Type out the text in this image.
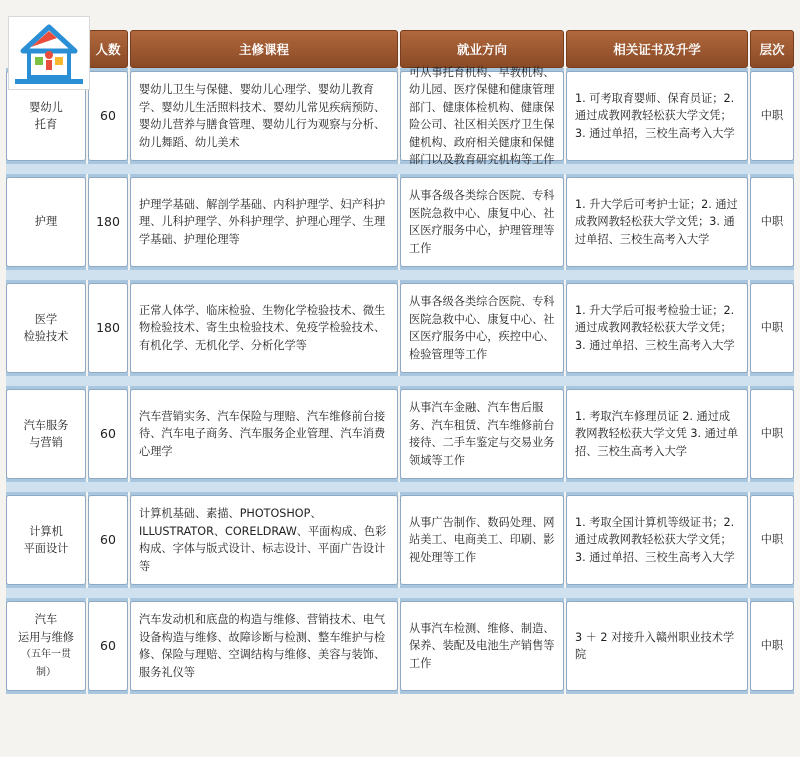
	人数	主修课程	就业方向	相关证书及升学	层次

婴幼儿
托育	60	婴幼儿卫生与保健、婴幼儿心理学、婴幼儿教育学、婴幼儿生活照料技术、婴幼儿常见疾病预防、婴幼儿营养与膳食管理、婴幼儿行为观察与分析、幼儿舞蹈、幼儿美术	可从事托育机构、早教机构、幼儿园、医疗保健和健康管理部门、健康体检机构、健康保险公司、社区相关医疗卫生保健机构、政府相关健康和保健部门以及教育研究机构等工作	1. 可考取育婴师、保育员证；2. 通过成教网教轻松获大学文凭；3. 通过单招，三校生高考入大学	中职

护理	180	护理学基础、解剖学基础、内科护理学、妇产科护理、儿科护理学、外科护理学、护理心理学、生理学基础、护理伦理等	从事各级各类综合医院、专科医院急救中心、康复中心、社区医疗服务中心，护理管理等工作	1. 升大学后可考护士证；2. 通过成教网教轻松获大学文凭；3. 通过单招、三校生高考入大学	中职

医学
检验技术	180	正常人体学、临床检验、生物化学检验技术、微生物检验技术、寄生虫检验技术、免疫学检验技术、有机化学、无机化学、分析化学等	从事各级各类综合医院、专科医院急救中心、康复中心、社区医疗服务中心，疾控中心、检验管理等工作	1. 升大学后可报考检验士证；2. 通过成教网教轻松获大学文凭；3. 通过单招、三校生高考入大学	中职

汽车服务
与营销	60	汽车营销实务、汽车保险与理赔、汽车维修前台接待、汽车电子商务、汽车服务企业管理、汽车消费心理学	从事汽车金融、汽车售后服务、汽车租赁、汽车维修前台接待、二手车鉴定与交易业务领域等工作	1. 考取汽车修理员证 2. 通过成教网教轻松获大学文凭 3. 通过单招、三校生高考入大学	中职

计算机
平面设计	60	计算机基础、素描、PHOTOSHOP、ILLUSTRATOR、CORELDRAW、平面构成、色彩构成、字体与版式设计、标志设计、平面广告设计等	从事广告制作、数码处理、网站美工、电商美工、印刷、影视处理等工作	1. 考取全国计算机等级证书；2. 通过成教网教轻松获大学文凭；3. 通过单招、三校生高考入大学	中职

汽车
运用与维修
（五年一贯制）	60	汽车发动机和底盘的构造与维修、营销技术、电气设备构造与维修、故障诊断与检测、整车维护与检修、保险与理赔、空调结构与维修、美容与装饰、服务礼仪等	从事汽车检测、维修、制造、保养、装配及电池生产销售等工作	3 ＋ 2 对接升入赣州职业技术学院	中职
